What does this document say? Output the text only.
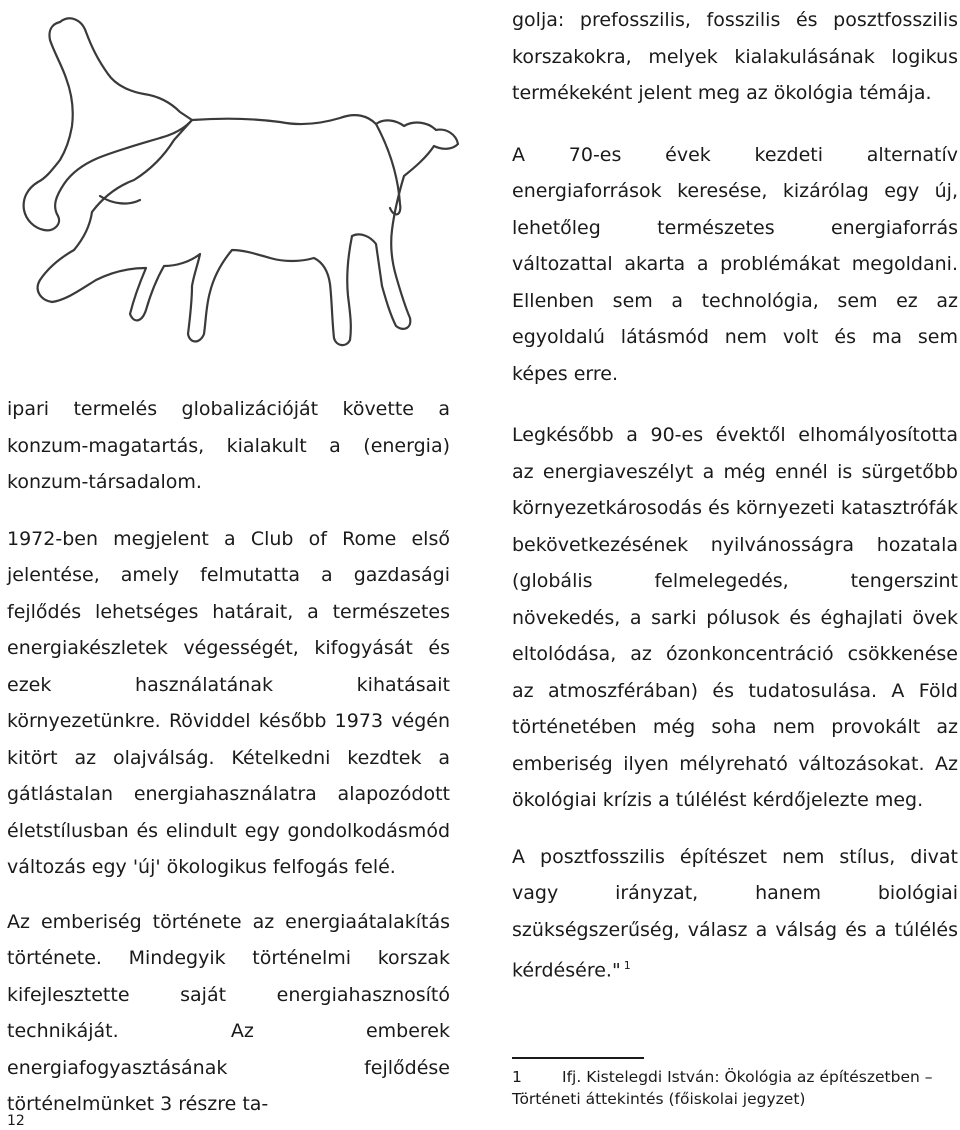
ipari termelés globalizációját követte a konzum-magatartás, kialakult a (energia) konzum-társadalom.

1972-ben megjelent a Club of Rome első jelentése, amely felmutatta a gazdasági fejlődés lehetséges határait, a természetes energiakészletek végességét, kifogyását és ezek használatának kihatásait környezetünkre. Röviddel később 1973 végén kitört az olajválság. Kételkedni kezdtek a gátlástalan energiahasználatra alapozódott életstílusban és elindult egy gondolkodásmód változás egy 'új' ökologikus felfogás felé.

Az emberiség története az energiaátalakítás története. Mindegyik történelmi korszak kifejlesztette saját energiahasznosító technikáját. Az emberek energiafogyasztásának fejlődése történelmünket 3 részre ta-

golja: prefosszilis, fosszilis és posztfosszilis korszakokra, melyek kialakulásának logikus termékeként jelent meg az ökológia témája.

A 70-es évek kezdeti alternatív energiaforrások keresése, kizárólag egy új, lehetőleg természetes energiaforrás változattal akarta a problémákat megoldani. Ellenben sem a technológia, sem ez az egyoldalú látásmód nem volt és ma sem képes erre.

Legkésőbb a 90-es évektől elhomályosította az energiaveszélyt a még ennél is sürgetőbb környezetkárosodás és környezeti katasztrófák bekövetkezésének nyilvánosságra hozatala (globális felmelegedés, tengerszint növekedés, a sarki pólusok és éghajlati övek eltolódása, az ózonkoncentráció csökkenése az atmoszférában) és tudatosulása. A Föld történetében még soha nem provokált az emberiség ilyen mélyreható változásokat. Az ökológiai krízis a túlélést kérdőjelezte meg.

A posztfosszilis építészet nem stílus, divat vagy irányzat, hanem biológiai szükségszerűség, válasz a válság és a túlélés kérdésére." $^1$

1	Ifj. Kistelegdi István: Ökológia az építészetben – Történeti áttekintés (főiskolai jegyzet)
12
